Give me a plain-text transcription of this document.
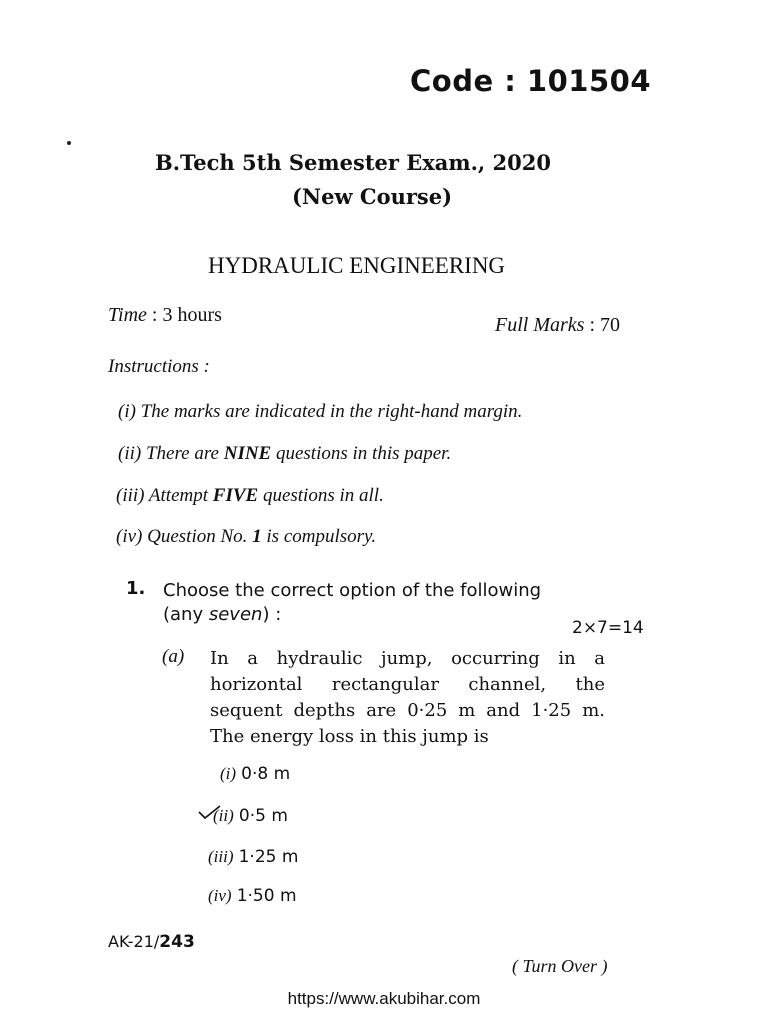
Code : 101504
B.Tech 5th Semester Exam., 2020
(New Course)
HYDRAULIC ENGINEERING
Time : 3 hours	Full Marks : 70
Instructions :
(i) The marks are indicated in the right-hand margin.
(ii) There are NINE questions in this paper.
(iii) Attempt FIVE questions in all.
(iv) Question No. 1 is compulsory.
1. Choose the correct option of the following
(any seven) :
2×7=14
(a) In a hydraulic jump, occurring in a horizontal rectangular channel, the sequent depths are 0·25 m and 1·25 m. The energy loss in this jump is
(i) 0·8 m
(ii) 0·5 m
(iii) 1·25 m
(iv) 1·50 m
AK-21/243
( Turn Over )
https://www.akubihar.com
